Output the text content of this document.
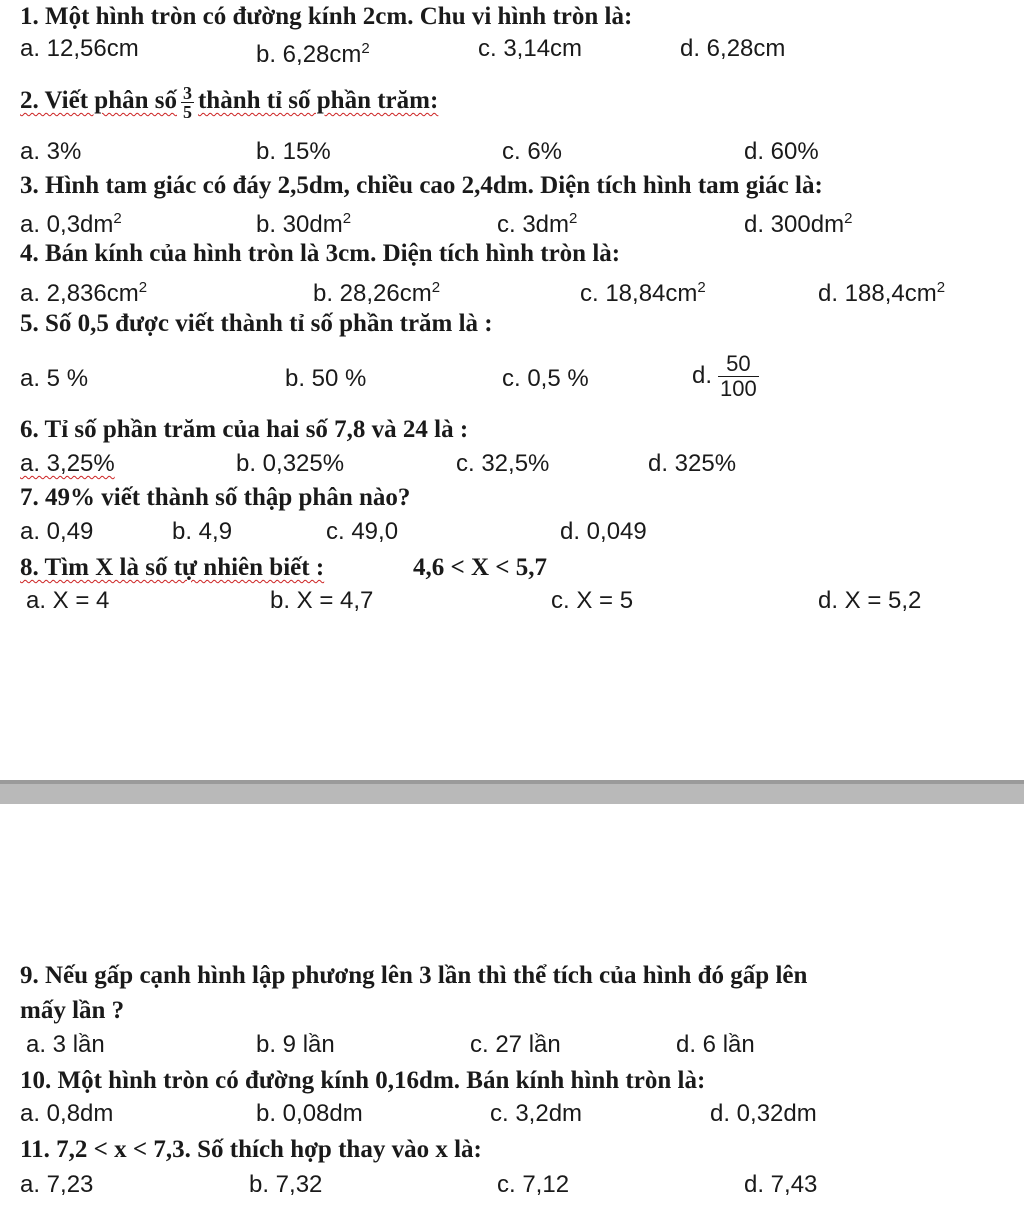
1. Một hình tròn có đường kính 2cm. Chu vi hình tròn là:
a. 12,56cm	b. $6,28cm^2$	c. 3,14cm	d. 6,28cm
2. Viết phân số $\frac{3}{5}$ thành tỉ số phần trăm:
a. 3%	b. 15%	c. 6%	d. 60%
3. Hình tam giác có đáy 2,5dm, chiều cao 2,4dm. Diện tích hình tam giác là:
a. $0,3dm^2$	b. $30dm^2$	c. $3dm^2$	d. $300dm^2$
4. Bán kính của hình tròn là 3cm. Diện tích hình tròn là:
a. $2,836cm^2$	b. $28,26cm^2$	c. $18,84cm^2$	d. $188,4cm^2$
5. Số 0,5 được viết thành tỉ số phần trăm là :
a. 5 %	b. 50 %	c. 0,5 %	d. $\frac{50}{100}$
6. Tỉ số phần trăm của hai số 7,8 và 24 là :
a. 3,25%	b. 0,325%	c. 32,5%	d. 325%
7. 49% viết thành số thập phân nào?
a. 0,49	b. 4,9	c. 49,0	d. 0,049
8. Tìm X là số tự nhiên biết :	4,6 < X < 5,7
a. X = 4	b. X = 4,7	c. X = 5	d. X = 5,2
9. Nếu gấp cạnh hình lập phương lên 3 lần thì thể tích của hình đó gấp lên
mấy lần ?
a. 3 lần	b. 9 lần	c. 27 lần	d. 6 lần
10. Một hình tròn có đường kính 0,16dm. Bán kính hình tròn là:
a. 0,8dm	b. 0,08dm	c. 3,2dm	d. 0,32dm
11. 7,2 < x < 7,3. Số thích hợp thay vào x là:
a. 7,23	b. 7,32	c. 7,12	d. 7,43
